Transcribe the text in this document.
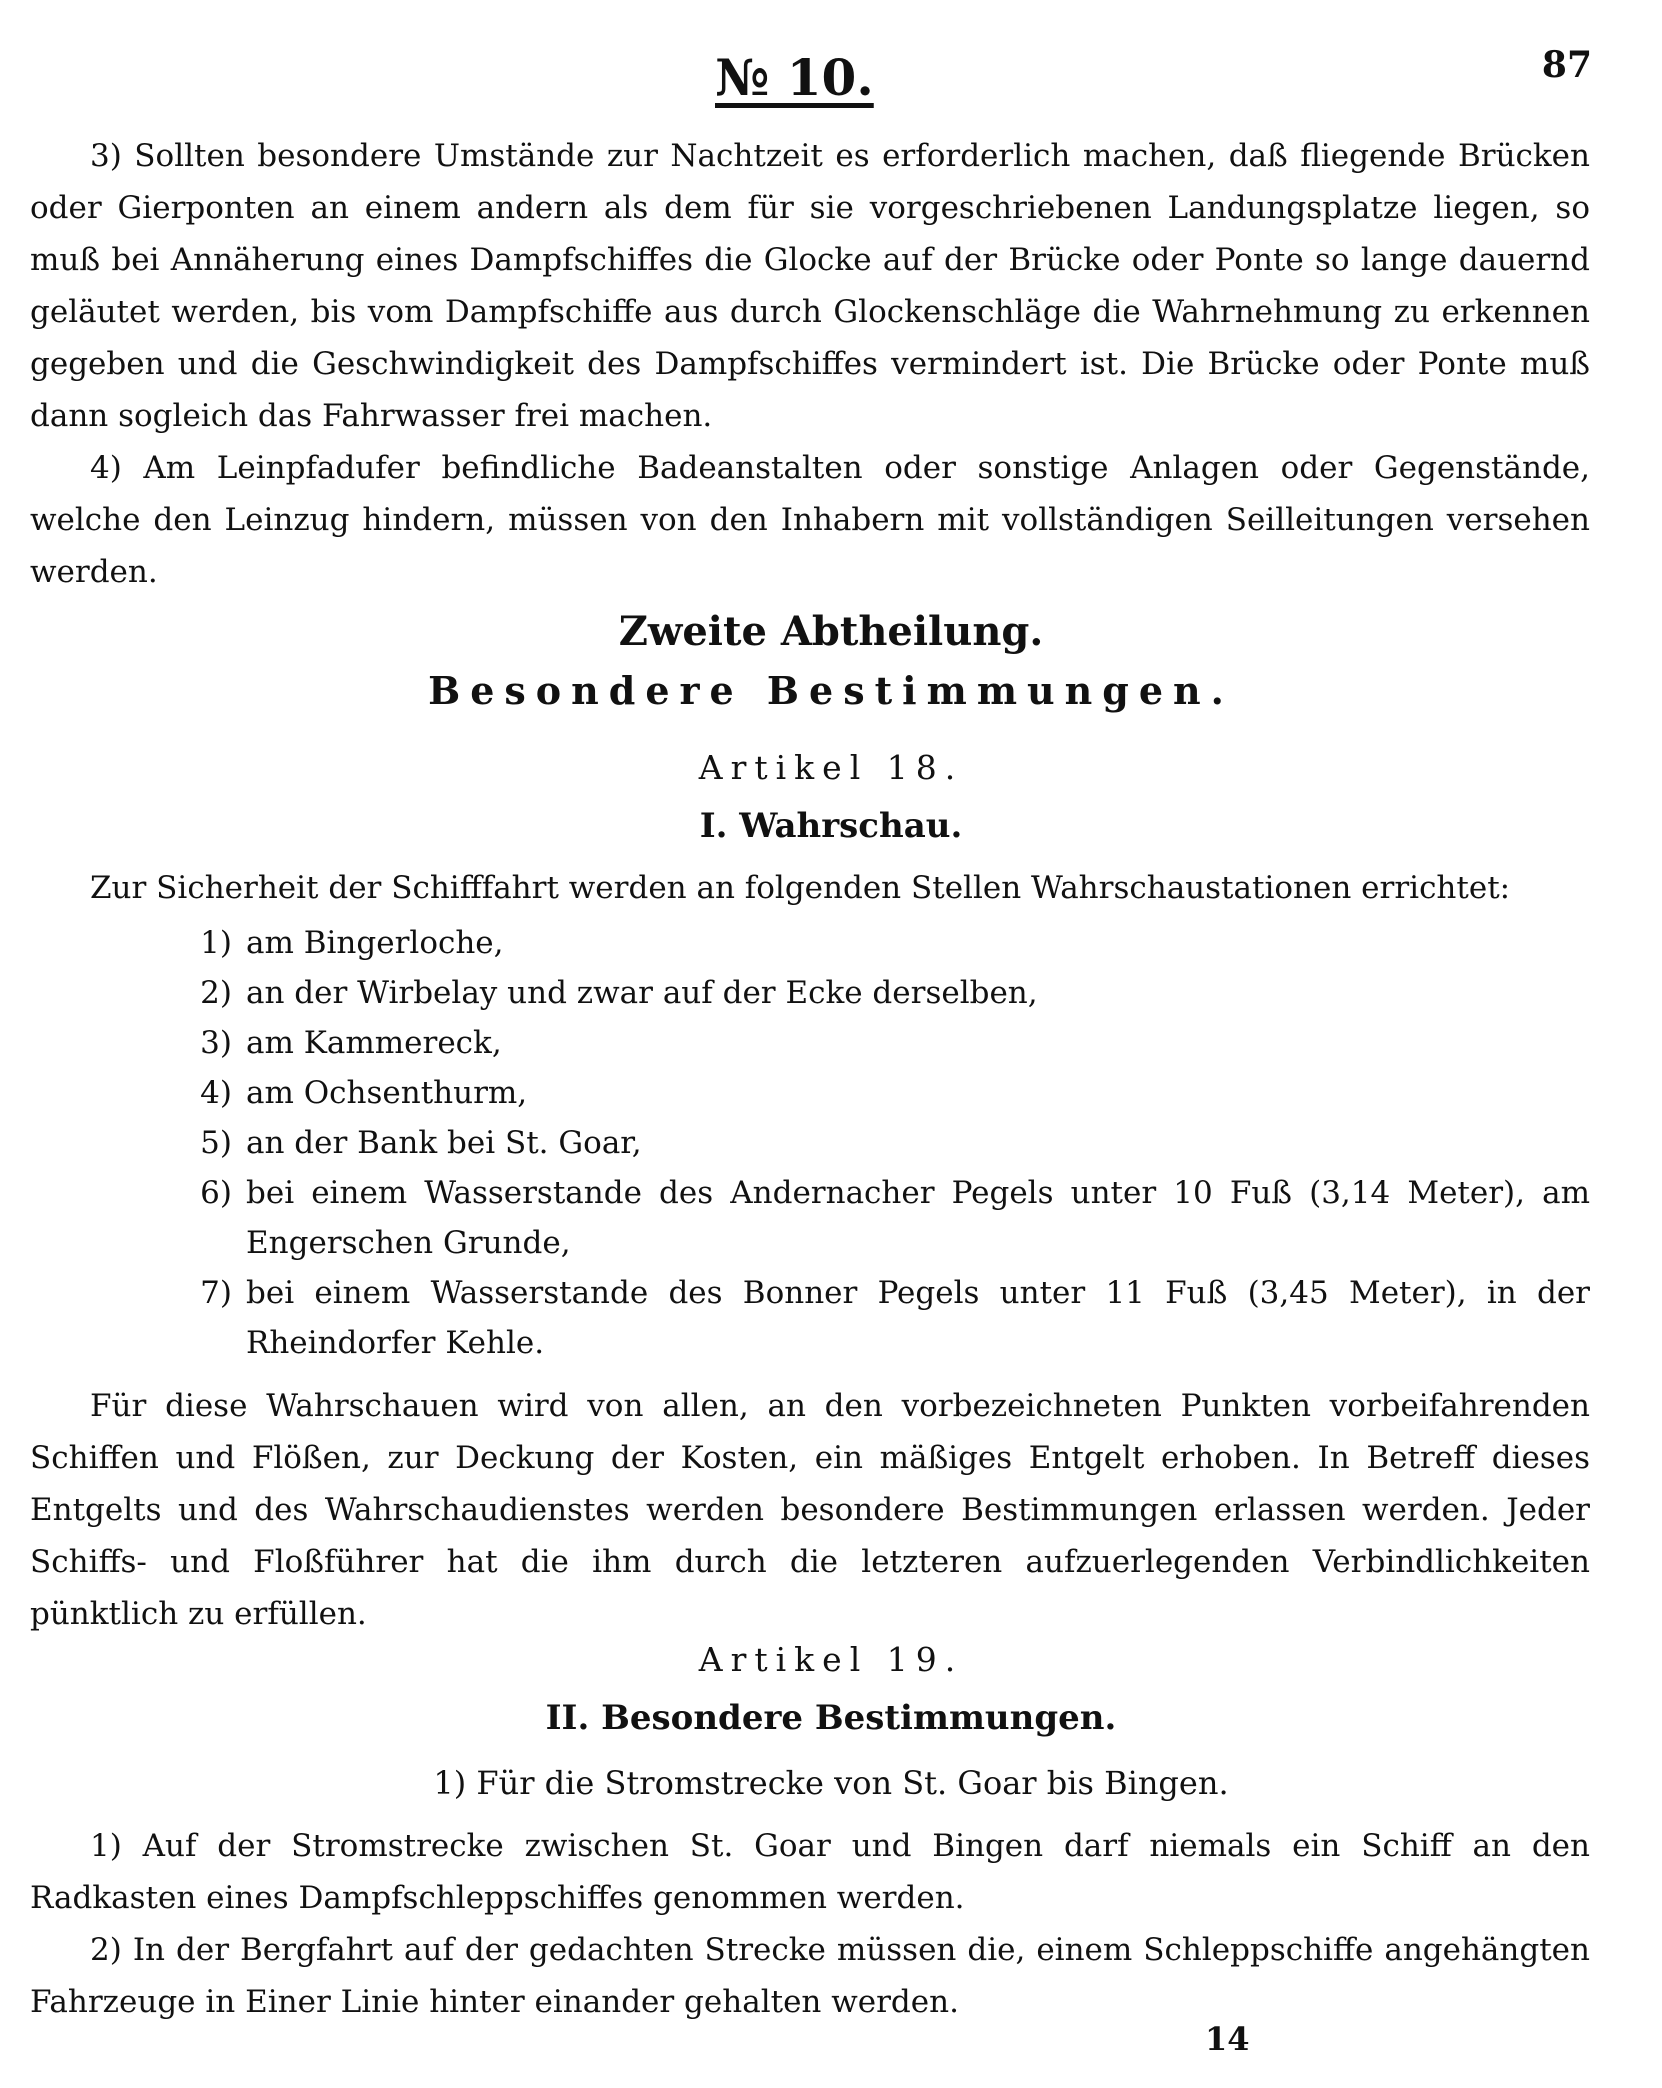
№ 10.	87

3) Sollten besondere Umstände zur Nachtzeit es erforderlich machen, daß fliegende Brücken oder Gierponten an einem andern als dem für sie vorgeschriebenen Landungsplatze liegen, so muß bei Annäherung eines Dampfschiffes die Glocke auf der Brücke oder Ponte so lange dauernd geläutet werden, bis vom Dampfschiffe aus durch Glockenschläge die Wahrnehmung zu erkennen gegeben und die Geschwindigkeit des Dampfschiffes vermindert ist. Die Brücke oder Ponte muß dann sogleich das Fahrwasser frei machen.

4) Am Leinpfadufer befindliche Badeanstalten oder sonstige Anlagen oder Gegenstände, welche den Leinzug hindern, müssen von den Inhabern mit vollständigen Seilleitungen versehen werden.

Zweite Abtheilung.
Besondere Bestimmungen.
Artikel 18.
I. Wahrschau.

Zur Sicherheit der Schifffahrt werden an folgenden Stellen Wahrschaustationen errichtet:

1) am Bingerloche,
2) an der Wirbelay und zwar auf der Ecke derselben,
3) am Kammereck,
4) am Ochsenthurm,
5) an der Bank bei St. Goar,
6) bei einem Wasserstande des Andernacher Pegels unter 10 Fuß (3,14 Meter), am Engerschen Grunde,
7) bei einem Wasserstande des Bonner Pegels unter 11 Fuß (3,45 Meter), in der Rheindorfer Kehle.

Für diese Wahrschauen wird von allen, an den vorbezeichneten Punkten vorbeifahrenden Schiffen und Flößen, zur Deckung der Kosten, ein mäßiges Entgelt erhoben. In Betreff dieses Entgelts und des Wahrschaudienstes werden besondere Bestimmungen erlassen werden. Jeder Schiffs- und Floßführer hat die ihm durch die letzteren aufzuerlegenden Verbindlichkeiten pünktlich zu erfüllen.

Artikel 19.
II. Besondere Bestimmungen.
1) Für die Stromstrecke von St. Goar bis Bingen.

1) Auf der Stromstrecke zwischen St. Goar und Bingen darf niemals ein Schiff an den Radkasten eines Dampfschleppschiffes genommen werden.

2) In der Bergfahrt auf der gedachten Strecke müssen die, einem Schleppschiffe angehängten Fahrzeuge in Einer Linie hinter einander gehalten werden.

14
